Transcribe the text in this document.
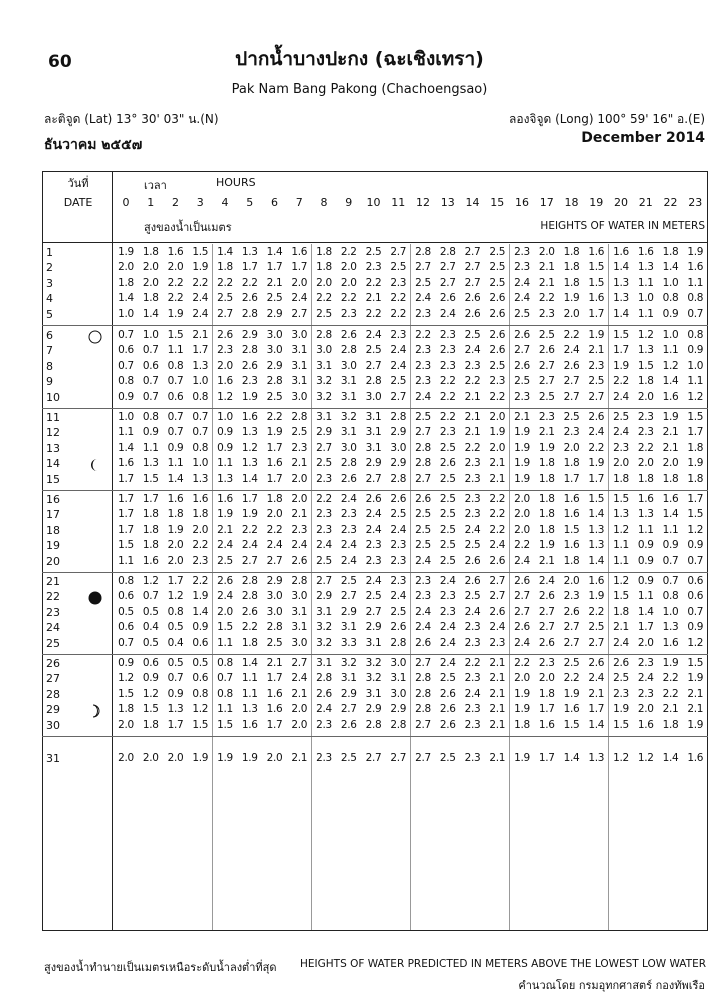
60	ปากน้ำบางปะกง (ฉะเชิงเทรา)
Pak Nam Bang Pakong (Chachoengsao)
ละติจูด (Lat) 13° 30' 03" น.(N)	ลองจิจูด (Long) 100° 59' 16" อ.(E)
ธันวาคม ๒๕๕๗	December 2014
วันที่
DATE
เวลา	HOURS
สูงของน้ำเป็นเมตร	HEIGHTS OF WATER IN METERS
0	1	2	3	4	5	6	7	8	9	10 11 12 13 14 15 16 17 18 19 20 21 22 23
1	1.9 1.8 1.6 1.5 1.4 1.3 1.4 1.6 1.8 2.2 2.5 2.7 2.8 2.8 2.7 2.5 2.3 2.0 1.8 1.6 1.6 1.6 1.8 1.9
2	2.0 2.0 2.0 1.9 1.8 1.7 1.7 1.7 1.8 2.0 2.3 2.5 2.7 2.7 2.7 2.5 2.3 2.1 1.8 1.5 1.4 1.3 1.4 1.6
3	1.8 2.0 2.2 2.2 2.2 2.2 2.1 2.0 2.0 2.0 2.2 2.3 2.5 2.7 2.7 2.5 2.4 2.1 1.8 1.5 1.3 1.1 1.0 1.1
4	1.4 1.8 2.2 2.4 2.5 2.6 2.5 2.4 2.2 2.2 2.1 2.2 2.4 2.6 2.6 2.6 2.4 2.2 1.9 1.6 1.3 1.0 0.8 0.8
5	1.0 1.4 1.9 2.4 2.7 2.8 2.9 2.7 2.5 2.3 2.2 2.2 2.3 2.4 2.6 2.6 2.5 2.3 2.0 1.7 1.4 1.1 0.9 0.7
6	0.7 1.0 1.5 2.1 2.6 2.9 3.0 3.0 2.8 2.6 2.4 2.3 2.2 2.3 2.5 2.6 2.6 2.5 2.2 1.9 1.5 1.2 1.0 0.8
7	0.6 0.7 1.1 1.7 2.3 2.8 3.0 3.1 3.0 2.8 2.5 2.4 2.3 2.3 2.4 2.6 2.7 2.6 2.4 2.1 1.7 1.3 1.1 0.9
8	0.7 0.6 0.8 1.3 2.0 2.6 2.9 3.1 3.1 3.0 2.7 2.4 2.3 2.3 2.3 2.5 2.6 2.7 2.6 2.3 1.9 1.5 1.2 1.0
9	0.8 0.7 0.7 1.0 1.6 2.3 2.8 3.1 3.2 3.1 2.8 2.5 2.3 2.2 2.2 2.3 2.5 2.7 2.7 2.5 2.2 1.8 1.4 1.1
10	0.9 0.7 0.6 0.8 1.2 1.9 2.5 3.0 3.2 3.1 3.0 2.7 2.4 2.2 2.1 2.2 2.3 2.5 2.7 2.7 2.4 2.0 1.6 1.2
11	1.0 0.8 0.7 0.7 1.0 1.6 2.2 2.8 3.1 3.2 3.1 2.8 2.5 2.2 2.1 2.0 2.1 2.3 2.5 2.6 2.5 2.3 1.9 1.5
12	1.1 0.9 0.7 0.7 0.9 1.3 1.9 2.5 2.9 3.1 3.1 2.9 2.7 2.3 2.1 1.9 1.9 2.1 2.3 2.4 2.4 2.3 2.1 1.7
13	1.4 1.1 0.9 0.8 0.9 1.2 1.7 2.3 2.7 3.0 3.1 3.0 2.8 2.5 2.2 2.0 1.9 1.9 2.0 2.2 2.3 2.2 2.1 1.8
14	1.6 1.3 1.1 1.0 1.1 1.3 1.6 2.1 2.5 2.8 2.9 2.9 2.8 2.6 2.3 2.1 1.9 1.8 1.8 1.9 2.0 2.0 2.0 1.9
15	1.7 1.5 1.4 1.3 1.3 1.4 1.7 2.0 2.3 2.6 2.7 2.8 2.7 2.5 2.3 2.1 1.9 1.8 1.7 1.7 1.8 1.8 1.8 1.8
16	1.7 1.7 1.6 1.6 1.6 1.7 1.8 2.0 2.2 2.4 2.6 2.6 2.6 2.5 2.3 2.2 2.0 1.8 1.6 1.5 1.5 1.6 1.6 1.7
17	1.7 1.8 1.8 1.8 1.9 1.9 2.0 2.1 2.3 2.3 2.4 2.5 2.5 2.5 2.3 2.2 2.0 1.8 1.6 1.4 1.3 1.3 1.4 1.5
18	1.7 1.8 1.9 2.0 2.1 2.2 2.2 2.3 2.3 2.3 2.4 2.4 2.5 2.5 2.4 2.2 2.0 1.8 1.5 1.3 1.2 1.1 1.1 1.2
19	1.5 1.8 2.0 2.2 2.4 2.4 2.4 2.4 2.4 2.4 2.3 2.3 2.5 2.5 2.5 2.4 2.2 1.9 1.6 1.3 1.1 0.9 0.9 0.9
20	1.1 1.6 2.0 2.3 2.5 2.7 2.7 2.6 2.5 2.4 2.3 2.3 2.4 2.5 2.6 2.6 2.4 2.1 1.8 1.4 1.1 0.9 0.7 0.7
21	0.8 1.2 1.7 2.2 2.6 2.8 2.9 2.8 2.7 2.5 2.4 2.3 2.3 2.4 2.6 2.7 2.6 2.4 2.0 1.6 1.2 0.9 0.7 0.6
22	0.6 0.7 1.2 1.9 2.4 2.8 3.0 3.0 2.9 2.7 2.5 2.4 2.3 2.3 2.5 2.7 2.7 2.6 2.3 1.9 1.5 1.1 0.8 0.6
23	0.5 0.5 0.8 1.4 2.0 2.6 3.0 3.1 3.1 2.9 2.7 2.5 2.4 2.3 2.4 2.6 2.7 2.7 2.6 2.2 1.8 1.4 1.0 0.7
24	0.6 0.4 0.5 0.9 1.5 2.2 2.8 3.1 3.2 3.1 2.9 2.6 2.4 2.4 2.3 2.4 2.6 2.7 2.7 2.5 2.1 1.7 1.3 0.9
25	0.7 0.5 0.4 0.6 1.1 1.8 2.5 3.0 3.2 3.3 3.1 2.8 2.6 2.4 2.3 2.3 2.4 2.6 2.7 2.7 2.4 2.0 1.6 1.2
26	0.9 0.6 0.5 0.5 0.8 1.4 2.1 2.7 3.1 3.2 3.2 3.0 2.7 2.4 2.2 2.1 2.2 2.3 2.5 2.6 2.6 2.3 1.9 1.5
27	1.2 0.9 0.7 0.6 0.7 1.1 1.7 2.4 2.8 3.1 3.2 3.1 2.8 2.5 2.3 2.1 2.0 2.0 2.2 2.4 2.5 2.4 2.2 1.9
28	1.5 1.2 0.9 0.8 0.8 1.1 1.6 2.1 2.6 2.9 3.1 3.0 2.8 2.6 2.4 2.1 1.9 1.8 1.9 2.1 2.3 2.3 2.2 2.1
29	1.8 1.5 1.3 1.2 1.1 1.3 1.6 2.0 2.4 2.7 2.9 2.9 2.8 2.6 2.3 2.1 1.9 1.7 1.6 1.7 1.9 2.0 2.1 2.1
30	2.0 1.8 1.7 1.5 1.5 1.6 1.7 2.0 2.3 2.6 2.8 2.8 2.7 2.6 2.3 2.1 1.8 1.6 1.5 1.4 1.5 1.6 1.8 1.9
31	2.0 2.0 2.0 1.9 1.9 1.9 2.0 2.1 2.3 2.5 2.7 2.7 2.7 2.5 2.3 2.1 1.9 1.7 1.4 1.3 1.2 1.2 1.4 1.6
สูงของน้ำทำนายเป็นเมตรเหนือระดับน้ำลงต่ำที่สุด HEIGHTS OF WATER PREDICTED IN METERS ABOVE THE LOWEST LOW WATER
คำนวณโดย กรมอุทกศาสตร์ กองทัพเรือ
